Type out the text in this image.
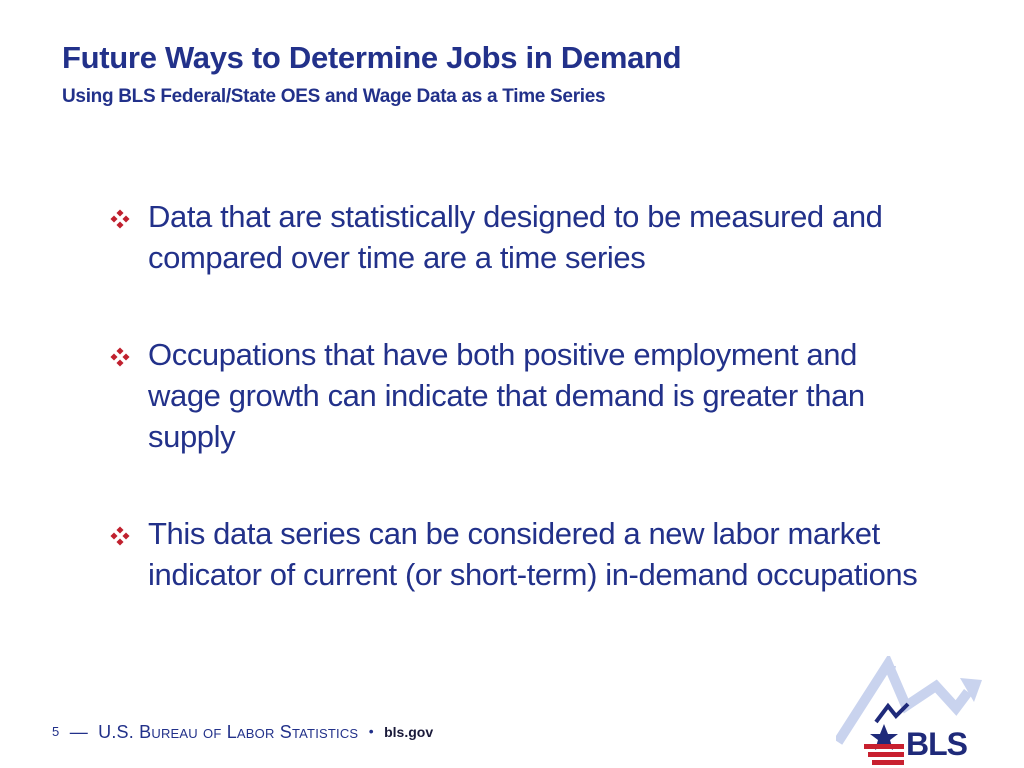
Future Ways to Determine Jobs in Demand
Using BLS Federal/State OES and Wage Data as a Time Series
Data that are statistically designed to be measured and compared over time are a time series
Occupations that have both positive employment and wage growth can indicate that demand is greater than supply
This data series can be considered a new labor market indicator of current (or short-term) in-demand occupations
5 — U.S. Bureau of Labor Statistics • bls.gov	BLS
